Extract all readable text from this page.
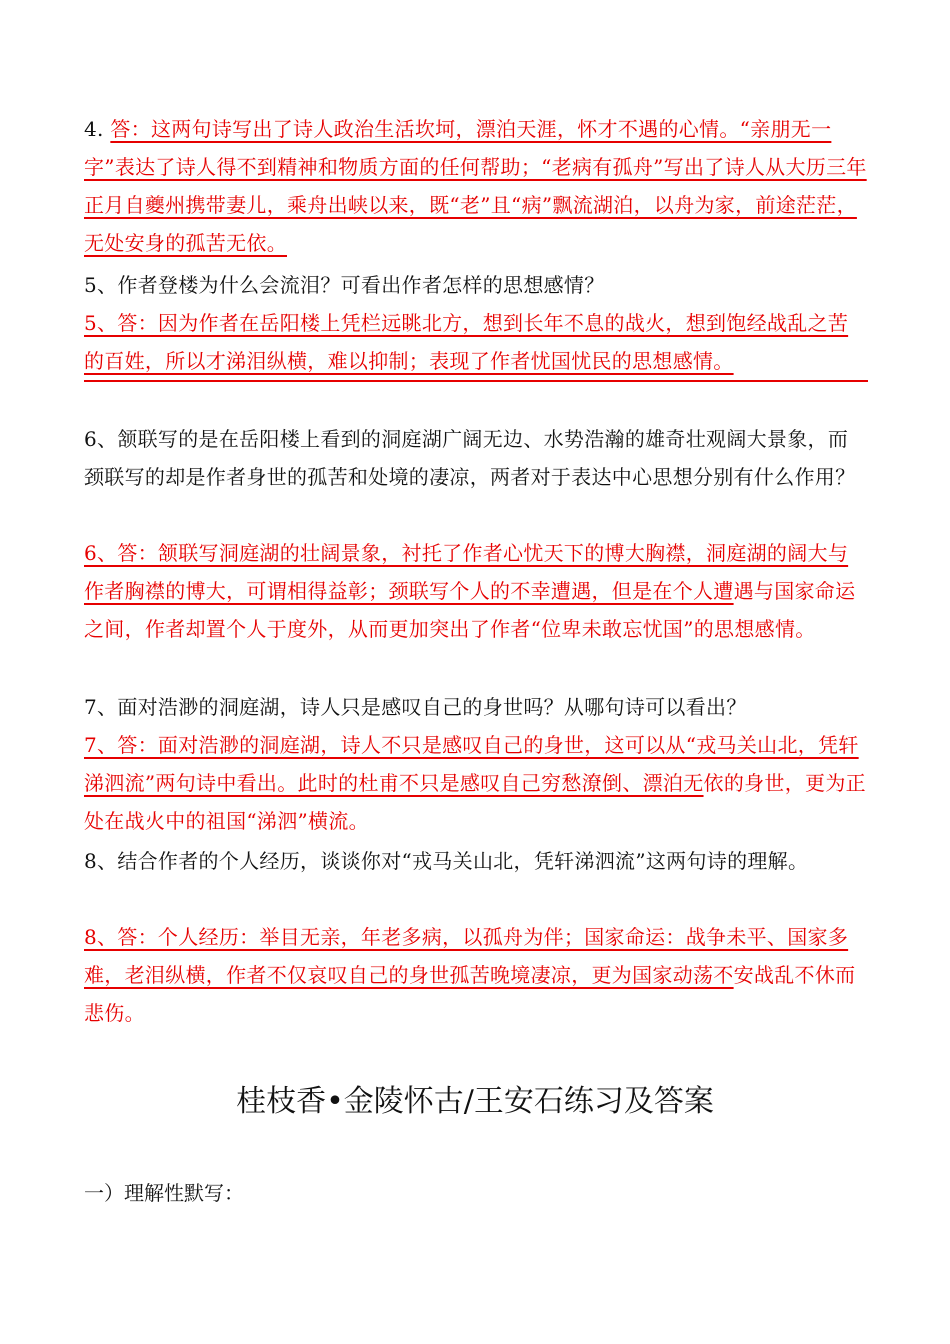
4. 答：这两句诗写出了诗人政治生活坎坷，漂泊天涯，怀才不遇的心情。“亲朋无一字”表达了诗人得不到精神和物质方面的任何帮助；“老病有孤舟”写出了诗人从大历三年正月自夔州携带妻儿，乘舟出峡以来，既“老”且“病”飘流湖泊，以舟为家，前途茫茫，无处安身的孤苦无依。
5、作者登楼为什么会流泪？可看出作者怎样的思想感情？
5、答：因为作者在岳阳楼上凭栏远眺北方，想到长年不息的战火，想到饱经战乱之苦的百姓，所以才涕泪纵横，难以抑制；表现了作者忧国忧民的思想感情。
6、颔联写的是在岳阳楼上看到的洞庭湖广阔无边、水势浩瀚的雄奇壮观阔大景象，而颈联写的却是作者身世的孤苦和处境的凄凉，两者对于表达中心思想分别有什么作用？
6、答：颔联写洞庭湖的壮阔景象，衬托了作者心忧天下的博大胸襟，洞庭湖的阔大与作者胸襟的博大，可谓相得益彰；颈联写个人的不幸遭遇，但是在个人遭遇与国家命运之间，作者却置个人于度外，从而更加突出了作者“位卑未敢忘忧国”的思想感情。
7、面对浩渺的洞庭湖，诗人只是感叹自己的身世吗？从哪句诗可以看出？
7、答：面对浩渺的洞庭湖，诗人不只是感叹自己的身世，这可以从“戎马关山北，凭轩涕泗流”两句诗中看出。此时的杜甫不只是感叹自己穷愁潦倒、漂泊无依的身世，更为正处在战火中的祖国“涕泗”横流。
8、结合作者的个人经历，谈谈你对“戎马关山北，凭轩涕泗流”这两句诗的理解。
8、答：个人经历：举目无亲，年老多病，以孤舟为伴；国家命运：战争未平、国家多难，老泪纵横，作者不仅哀叹自己的身世孤苦晚境凄凉，更为国家动荡不安战乱不休而悲伤。
桂枝香•金陵怀古/王安石练习及答案
一）理解性默写：
